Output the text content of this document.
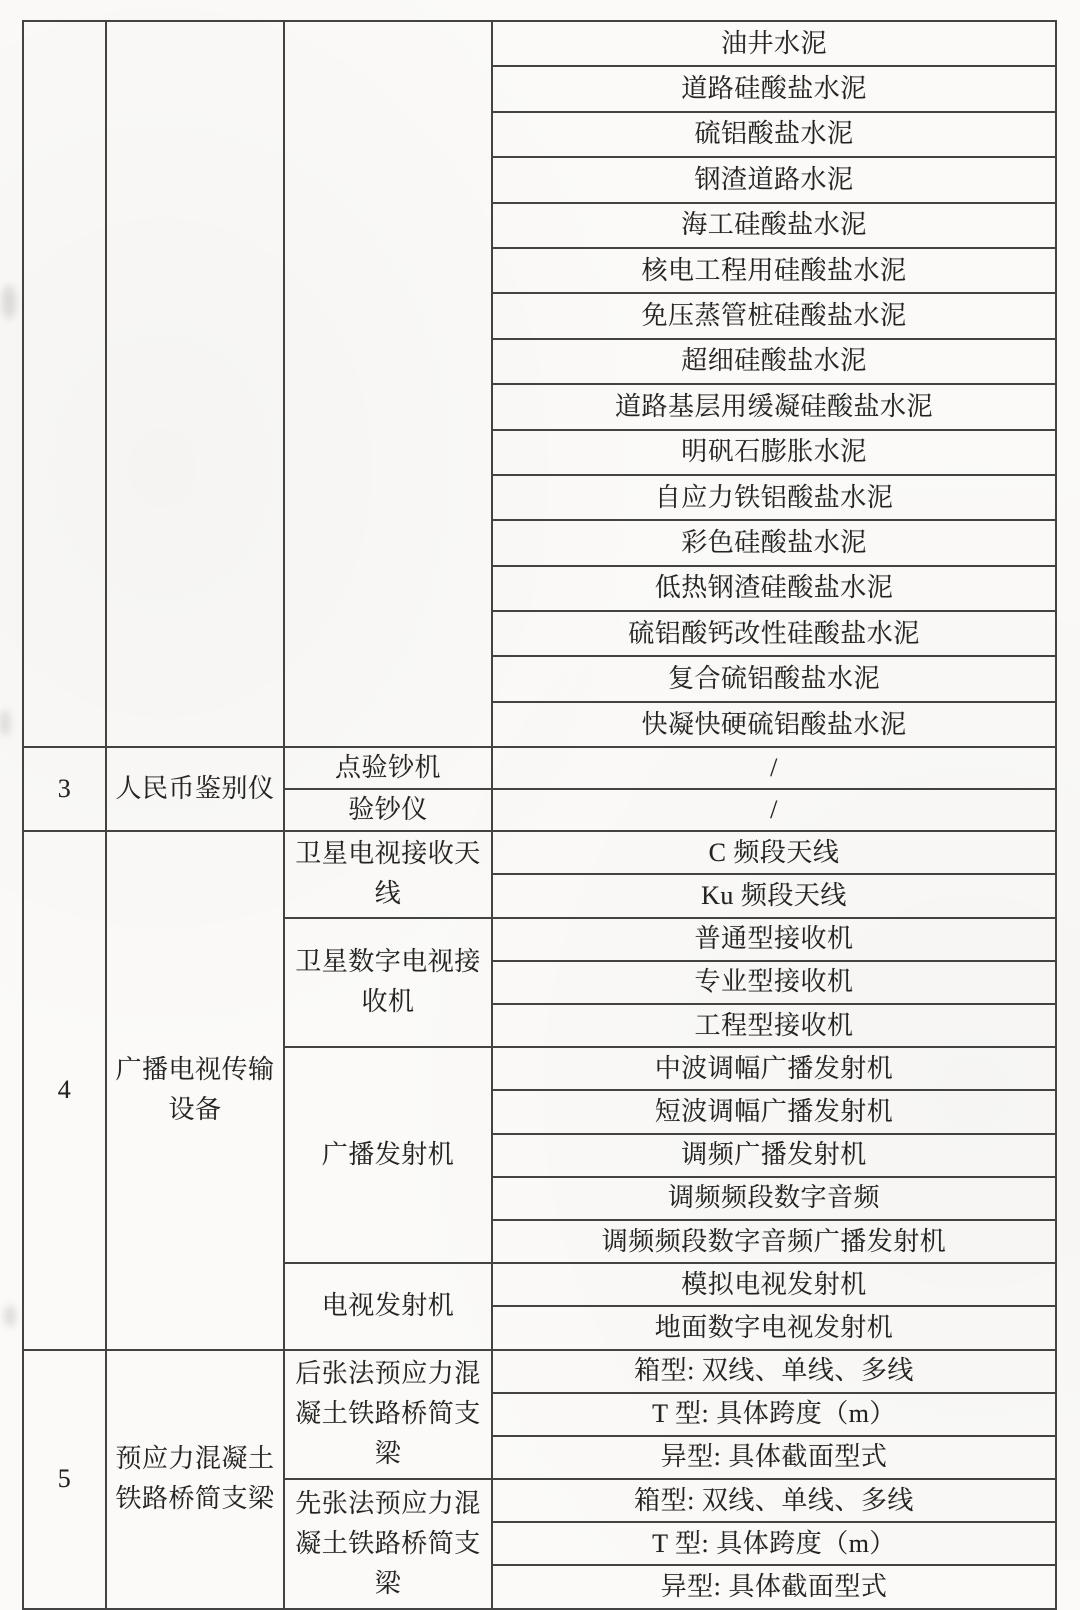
			油井水泥
			道路硅酸盐水泥
			硫铝酸盐水泥
			钢渣道路水泥
			海工硅酸盐水泥
			核电工程用硅酸盐水泥
			免压蒸管桩硅酸盐水泥
			超细硅酸盐水泥
			道路基层用缓凝硅酸盐水泥
			明矾石膨胀水泥
			自应力铁铝酸盐水泥
			彩色硅酸盐水泥
			低热钢渣硅酸盐水泥
			硫铝酸钙改性硅酸盐水泥
			复合硫铝酸盐水泥
			快凝快硬硫铝酸盐水泥
3	人民币鉴别仪	点验钞机	/
		验钞仪	/
4	广播电视传输设备	卫星电视接收天线	C 频段天线
			Ku 频段天线
		卫星数字电视接收机	普通型接收机
			专业型接收机
			工程型接收机
		广播发射机	中波调幅广播发射机
			短波调幅广播发射机
			调频广播发射机
			调频频段数字音频
			调频频段数字音频广播发射机
		电视发射机	模拟电视发射机
			地面数字电视发射机
5	预应力混凝土铁路桥简支梁	后张法预应力混凝土铁路桥简支梁	箱型: 双线、单线、多线
			T 型: 具体跨度（m）
			异型: 具体截面型式
		先张法预应力混凝土铁路桥简支梁	箱型: 双线、单线、多线
			T 型: 具体跨度（m）
			异型: 具体截面型式
